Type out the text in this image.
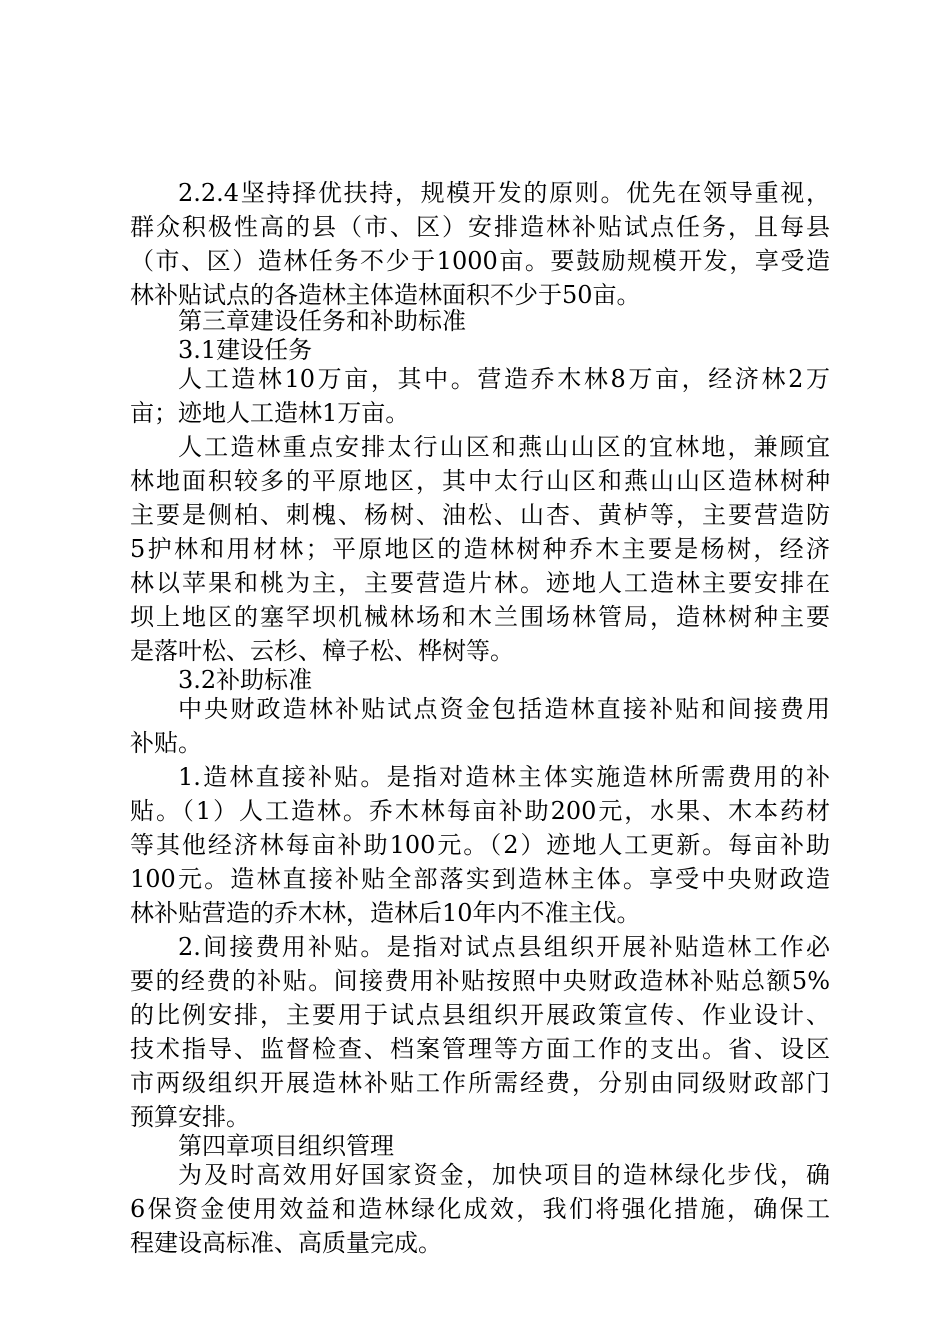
2.2.4坚持择优扶持，规模开发的原则。优先在领导重视，
群众积极性高的县（市、区）安排造林补贴试点任务，且每县
（市、区）造林任务不少于1000亩。要鼓励规模开发，享受造
林补贴试点的各造林主体造林面积不少于50亩。
第三章建设任务和补助标准
3.1建设任务
人工造林10万亩，其中。营造乔木林8万亩，经济林2万
亩；迹地人工造林1万亩。
人工造林重点安排太行山区和燕山山区的宜林地，兼顾宜
林地面积较多的平原地区，其中太行山区和燕山山区造林树种
主要是侧柏、刺槐、杨树、油松、山杏、黄栌等，主要营造防
5护林和用材林；平原地区的造林树种乔木主要是杨树，经济
林以苹果和桃为主，主要营造片林。迹地人工造林主要安排在
坝上地区的塞罕坝机械林场和木兰围场林管局，造林树种主要
是落叶松、云杉、樟子松、桦树等。
3.2补助标准
中央财政造林补贴试点资金包括造林直接补贴和间接费用
补贴。
1.造林直接补贴。是指对造林主体实施造林所需费用的补
贴。（1）人工造林。乔木林每亩补助200元，水果、木本药材
等其他经济林每亩补助100元。（2）迹地人工更新。每亩补助
100元。造林直接补贴全部落实到造林主体。享受中央财政造
林补贴营造的乔木林，造林后10年内不准主伐。
2.间接费用补贴。是指对试点县组织开展补贴造林工作必
要的经费的补贴。间接费用补贴按照中央财政造林补贴总额5%
的比例安排，主要用于试点县组织开展政策宣传、作业设计、
技术指导、监督检查、档案管理等方面工作的支出。省、设区
市两级组织开展造林补贴工作所需经费，分别由同级财政部门
预算安排。
第四章项目组织管理
为及时高效用好国家资金，加快项目的造林绿化步伐，确
6保资金使用效益和造林绿化成效，我们将强化措施，确保工
程建设高标准、高质量完成。
